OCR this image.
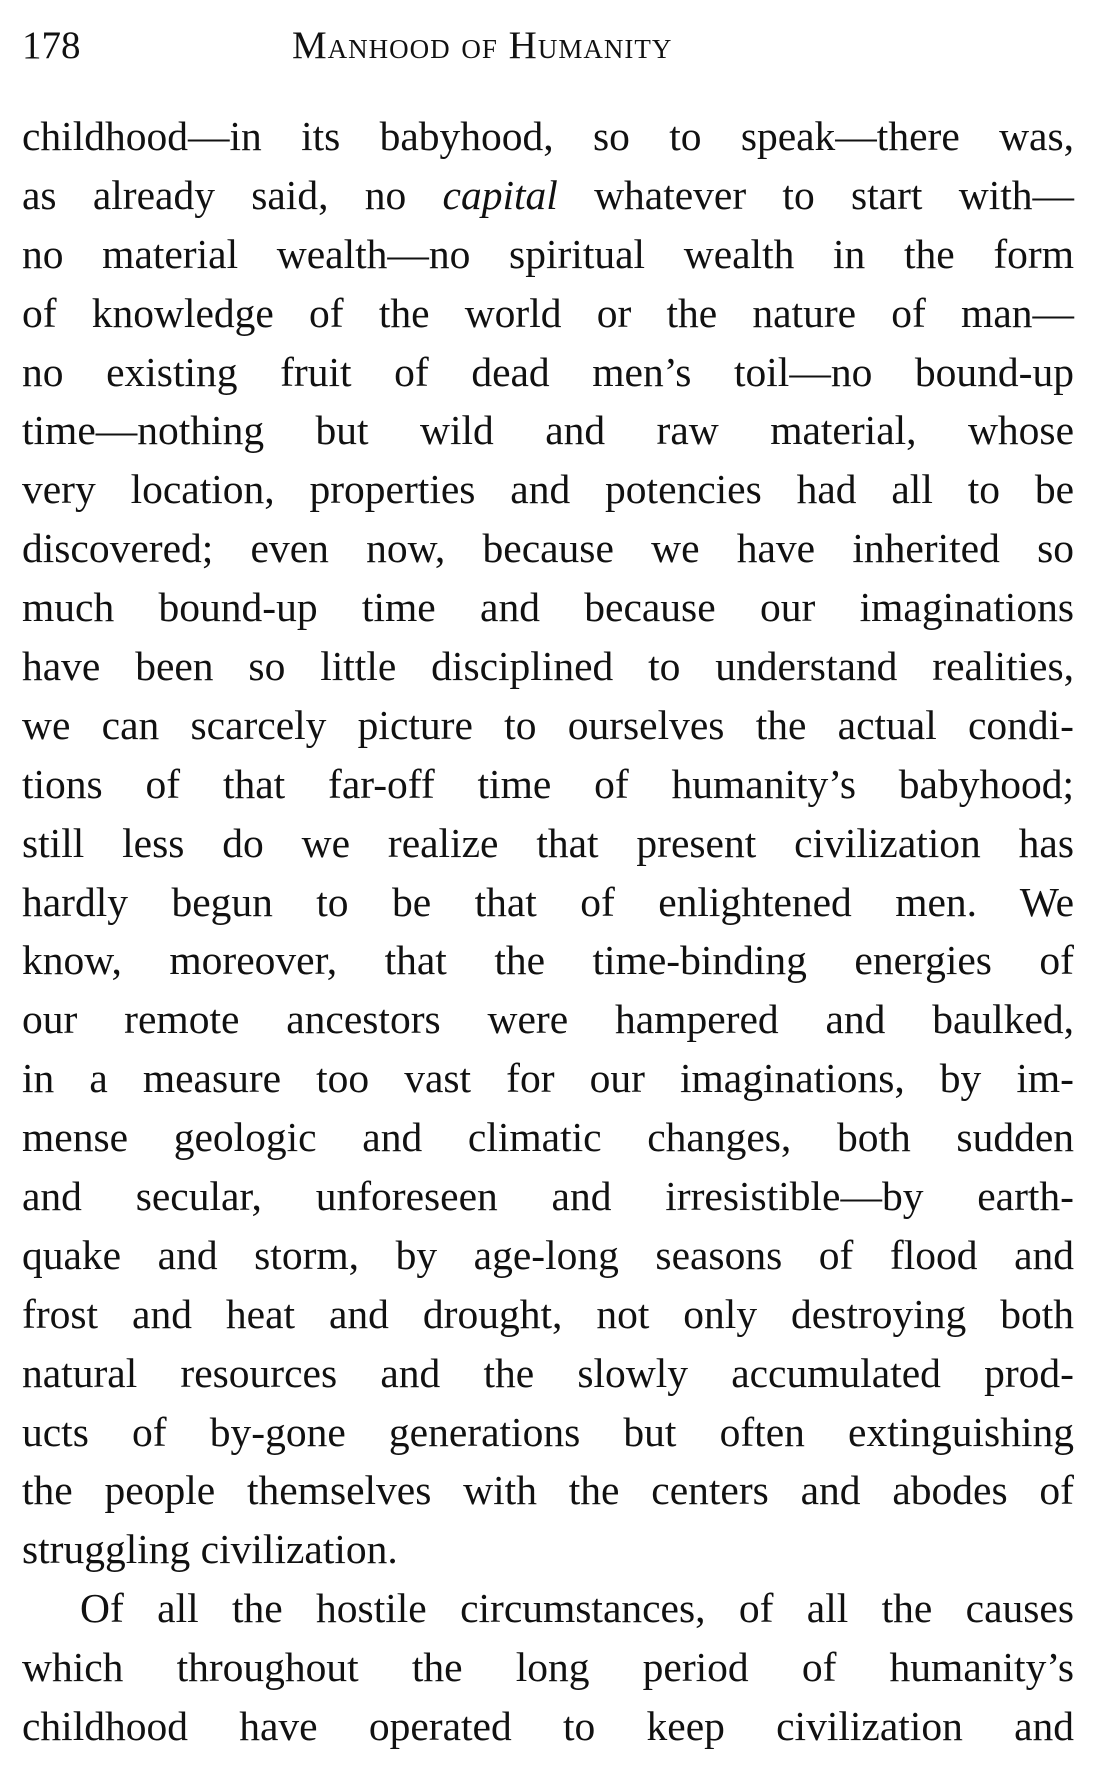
178	Manhood of Humanity
childhood—in its babyhood, so to speak—there was,
as already said, no capital whatever to start with—
no material wealth—no spiritual wealth in the form
of knowledge of the world or the nature of man—
no existing fruit of dead men’s toil—no bound-up
time—nothing but wild and raw material, whose
very location, properties and potencies had all to be
discovered; even now, because we have inherited so
much bound-up time and because our imaginations
have been so little disciplined to understand realities,
we can scarcely picture to ourselves the actual condi-
tions of that far-off time of humanity’s babyhood;
still less do we realize that present civilization has
hardly begun to be that of enlightened men. We
know, moreover, that the time-binding energies of
our remote ancestors were hampered and baulked,
in a measure too vast for our imaginations, by im-
mense geologic and climatic changes, both sudden
and secular, unforeseen and irresistible—by earth-
quake and storm, by age-long seasons of flood and
frost and heat and drought, not only destroying both
natural resources and the slowly accumulated prod-
ucts of by-gone generations but often extinguishing
the people themselves with the centers and abodes of
struggling civilization.
Of all the hostile circumstances, of all the causes
which throughout the long period of humanity’s
childhood have operated to keep civilization and
